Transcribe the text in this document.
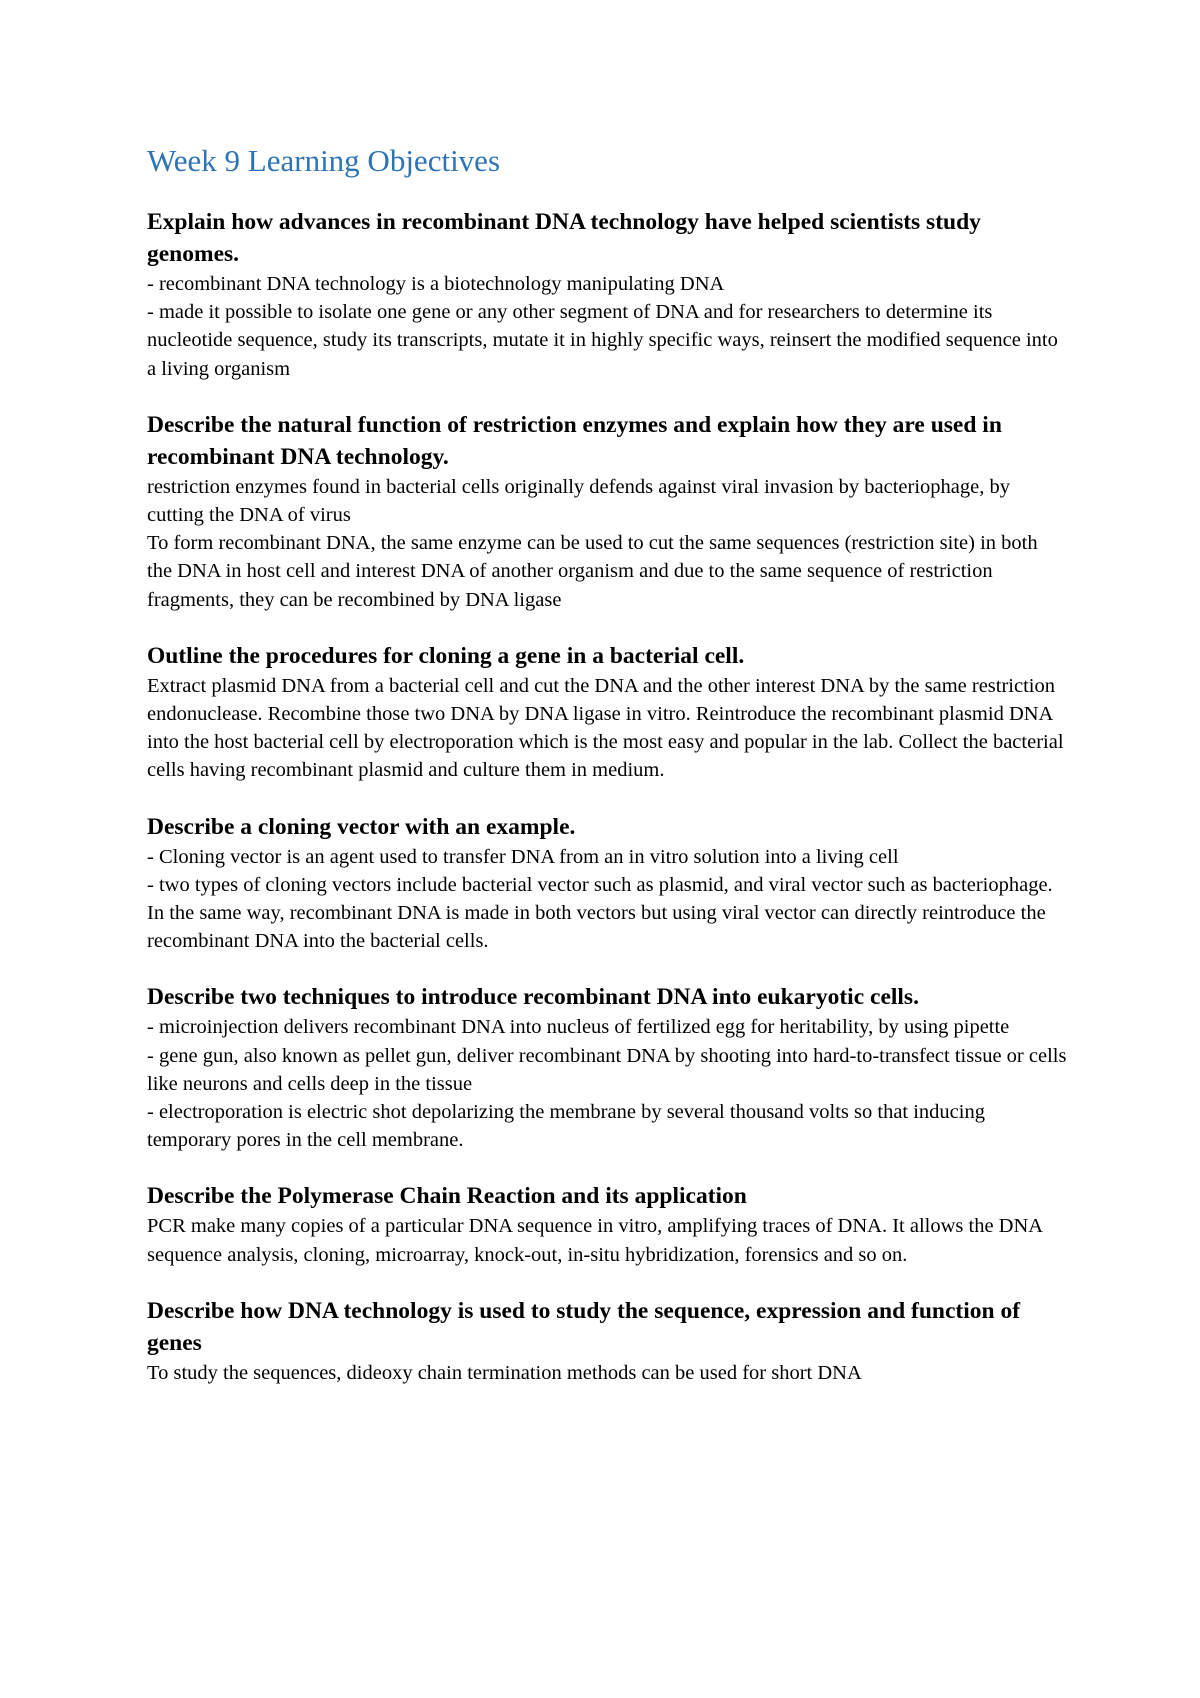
Week 9 Learning Objectives

Explain how advances in recombinant DNA technology have helped scientists study genomes.

- recombinant DNA technology is a biotechnology manipulating DNA

- made it possible to isolate one gene or any other segment of DNA and for researchers to determine its nucleotide sequence, study its transcripts, mutate it in highly specific ways, reinsert the modified sequence into a living organism

Describe the natural function of restriction enzymes and explain how they are used in recombinant DNA technology.

restriction enzymes found in bacterial cells originally defends against viral invasion by bacteriophage, by cutting the DNA of virus

To form recombinant DNA, the same enzyme can be used to cut the same sequences (restriction site) in both the DNA in host cell and interest DNA of another organism and due to the same sequence of restriction fragments, they can be recombined by DNA ligase

Outline the procedures for cloning a gene in a bacterial cell.

Extract plasmid DNA from a bacterial cell and cut the DNA and the other interest DNA by the same restriction endonuclease. Recombine those two DNA by DNA ligase in vitro. Reintroduce the recombinant plasmid DNA into the host bacterial cell by electroporation which is the most easy and popular in the lab. Collect the bacterial cells having recombinant plasmid and culture them in medium.

Describe a cloning vector with an example.

- Cloning vector is an agent used to transfer DNA from an in vitro solution into a living cell

- two types of cloning vectors include bacterial vector such as plasmid, and viral vector such as bacteriophage. In the same way, recombinant DNA is made in both vectors but using viral vector can directly reintroduce the recombinant DNA into the bacterial cells.

Describe two techniques to introduce recombinant DNA into eukaryotic cells.

- microinjection delivers recombinant DNA into nucleus of fertilized egg for heritability, by using pipette

- gene gun, also known as pellet gun, deliver recombinant DNA by shooting into hard-to-transfect tissue or cells like neurons and cells deep in the tissue

- electroporation is electric shot depolarizing the membrane by several thousand volts so that inducing temporary pores in the cell membrane.

Describe the Polymerase Chain Reaction and its application

PCR make many copies of a particular DNA sequence in vitro, amplifying traces of DNA. It allows the DNA sequence analysis, cloning, microarray, knock-out, in-situ hybridization, forensics and so on.

Describe how DNA technology is used to study the sequence, expression and function of genes

To study the sequences, dideoxy chain termination methods can be used for short DNA
